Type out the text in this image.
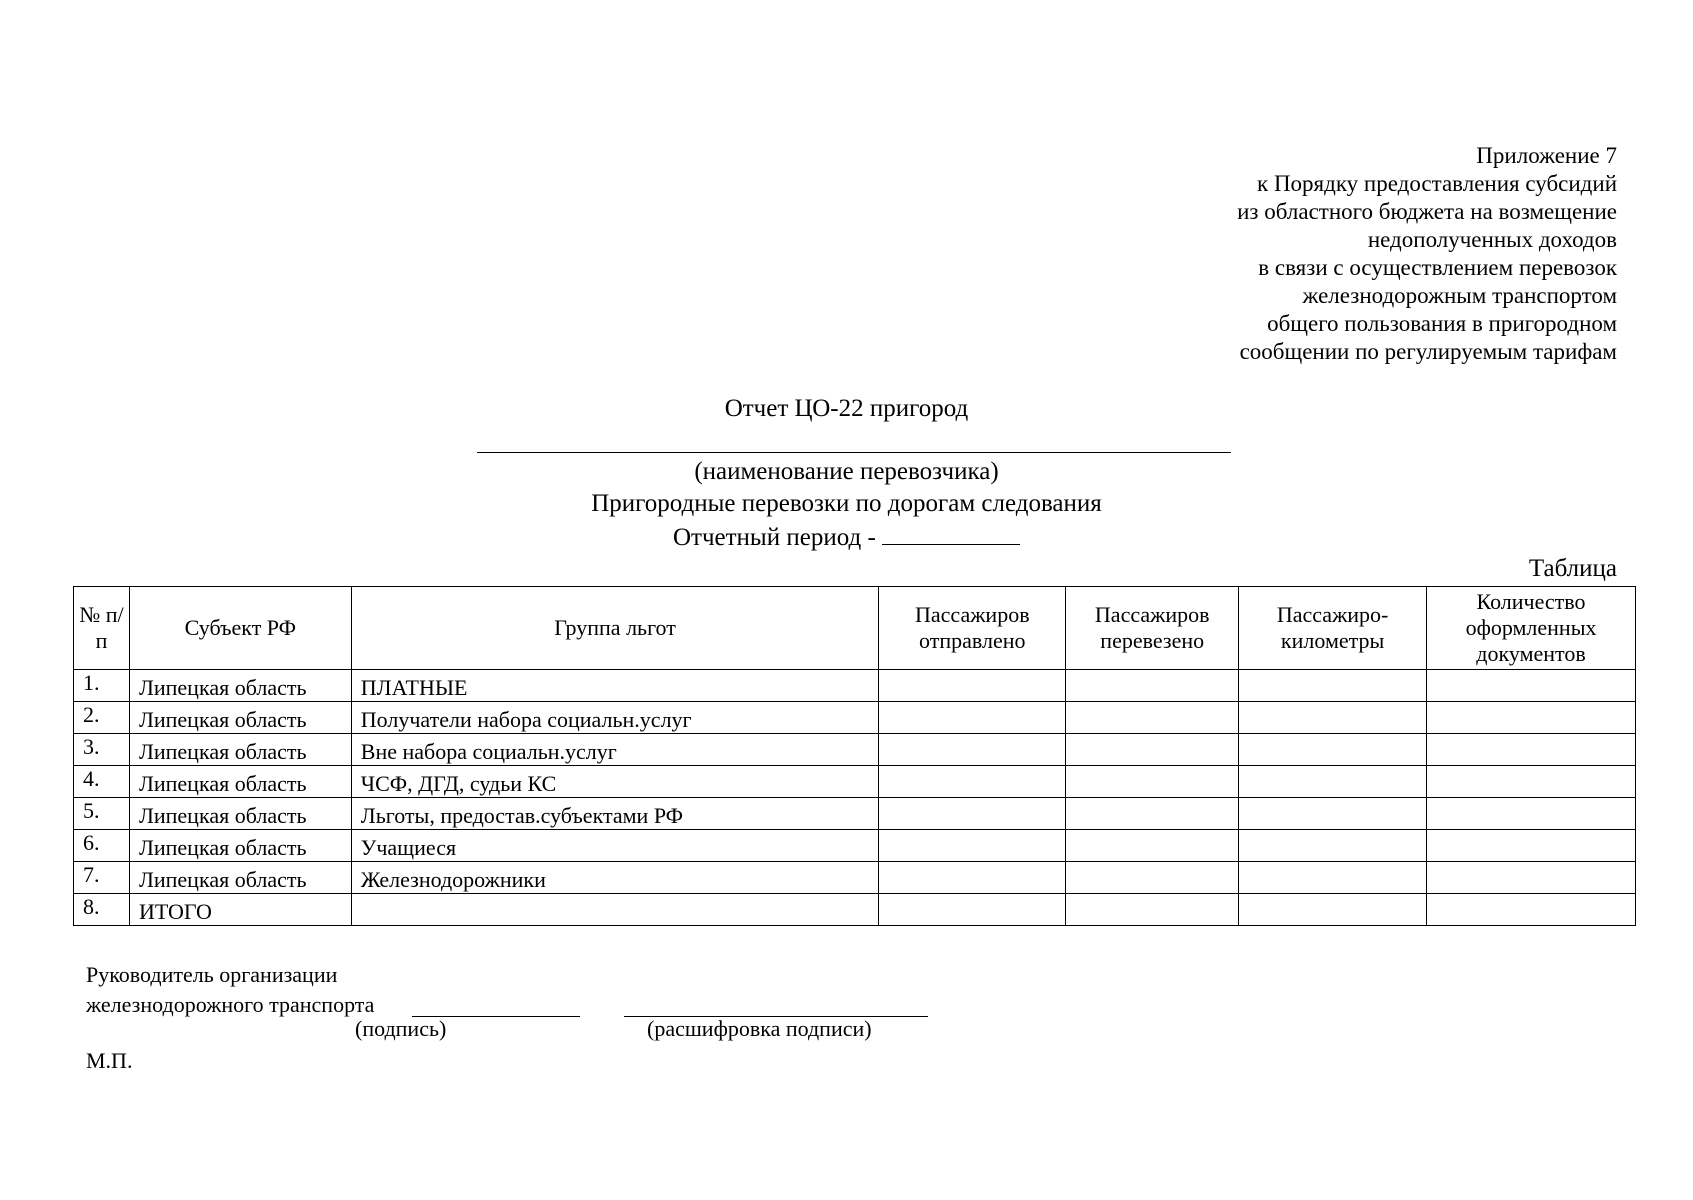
Приложение 7
к Порядку предоставления субсидий
из областного бюджета на возмещение
недополученных доходов
в связи с осуществлением перевозок
железнодорожным транспортом
общего пользования в пригородном
сообщении по регулируемым тарифам
Отчет ЦО-22 пригород
(наименование перевозчика)
Пригородные перевозки по дорогам следования
Отчетный период -
Таблица
№ п/п	Субъект РФ	Группа льгот	Пассажиров отправлено	Пассажиров перевезено	Пассажиро-километры	Количество оформленных документов
1.	Липецкая область	ПЛАТНЫЕ				
2.	Липецкая область	Получатели набора социальн.услуг				
3.	Липецкая область	Вне набора социальн.услуг				
4.	Липецкая область	ЧСФ, ДГД, судьи КС				
5.	Липецкая область	Льготы, предостав.субъектами РФ				
6.	Липецкая область	Учащиеся				
7.	Липецкая область	Железнодорожники				
8.	ИТОГО					
Руководитель организации
железнодорожного транспорта
(подпись)	(расшифровка подписи)
М.П.
